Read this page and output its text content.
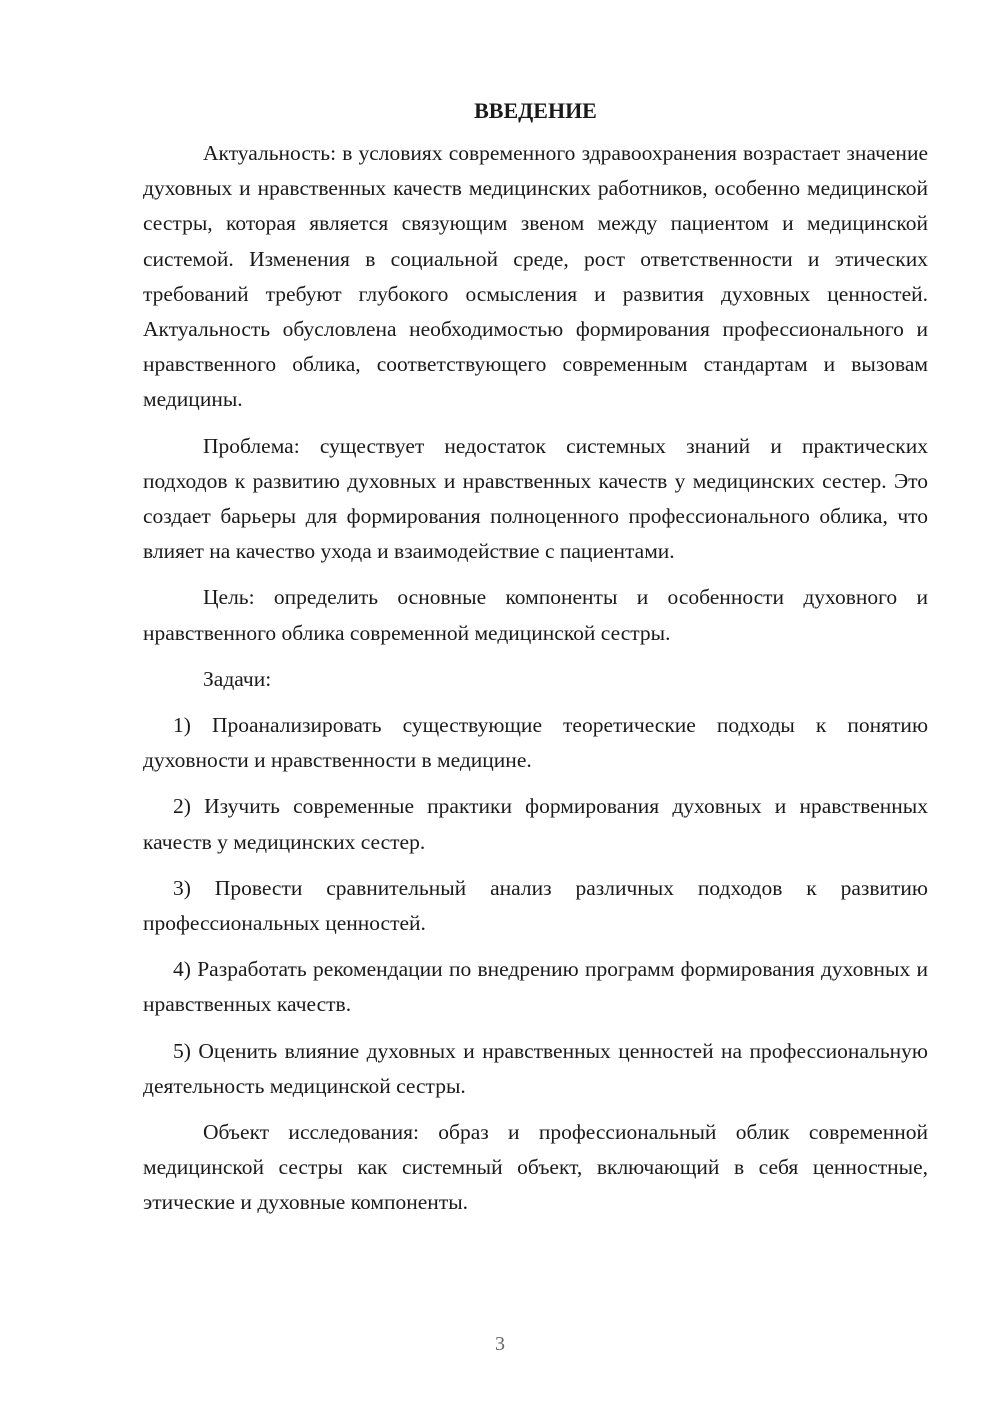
ВВЕДЕНИЕ

Актуальность: в условиях современного здравоохранения возрастает значение духовных и нравственных качеств медицинских работников, особенно медицинской сестры, которая является связующим звеном между пациентом и медицинской системой. Изменения в социальной среде, рост ответственности и этических требований требуют глубокого осмысления и развития духовных ценностей. Актуальность обусловлена необходимостью формирования профессионального и нравственного облика, соответствующего современным стандартам и вызовам медицины.

Проблема: существует недостаток системных знаний и практических подходов к развитию духовных и нравственных качеств у медицинских сестер. Это создает барьеры для формирования полноценного профессионального облика, что влияет на качество ухода и взаимодействие с пациентами.

Цель: определить основные компоненты и особенности духовного и нравственного облика современной медицинской сестры.

Задачи:

1) Проанализировать существующие теоретические подходы к понятию духовности и нравственности в медицине.

2) Изучить современные практики формирования духовных и нравственных качеств у медицинских сестер.

3) Провести сравнительный анализ различных подходов к развитию профессиональных ценностей.

4) Разработать рекомендации по внедрению программ формирования духовных и нравственных качеств.

5) Оценить влияние духовных и нравственных ценностей на профессиональную деятельность медицинской сестры.

Объект исследования: образ и профессиональный облик современной медицинской сестры как системный объект, включающий в себя ценностные, этические и духовные компоненты.

3
